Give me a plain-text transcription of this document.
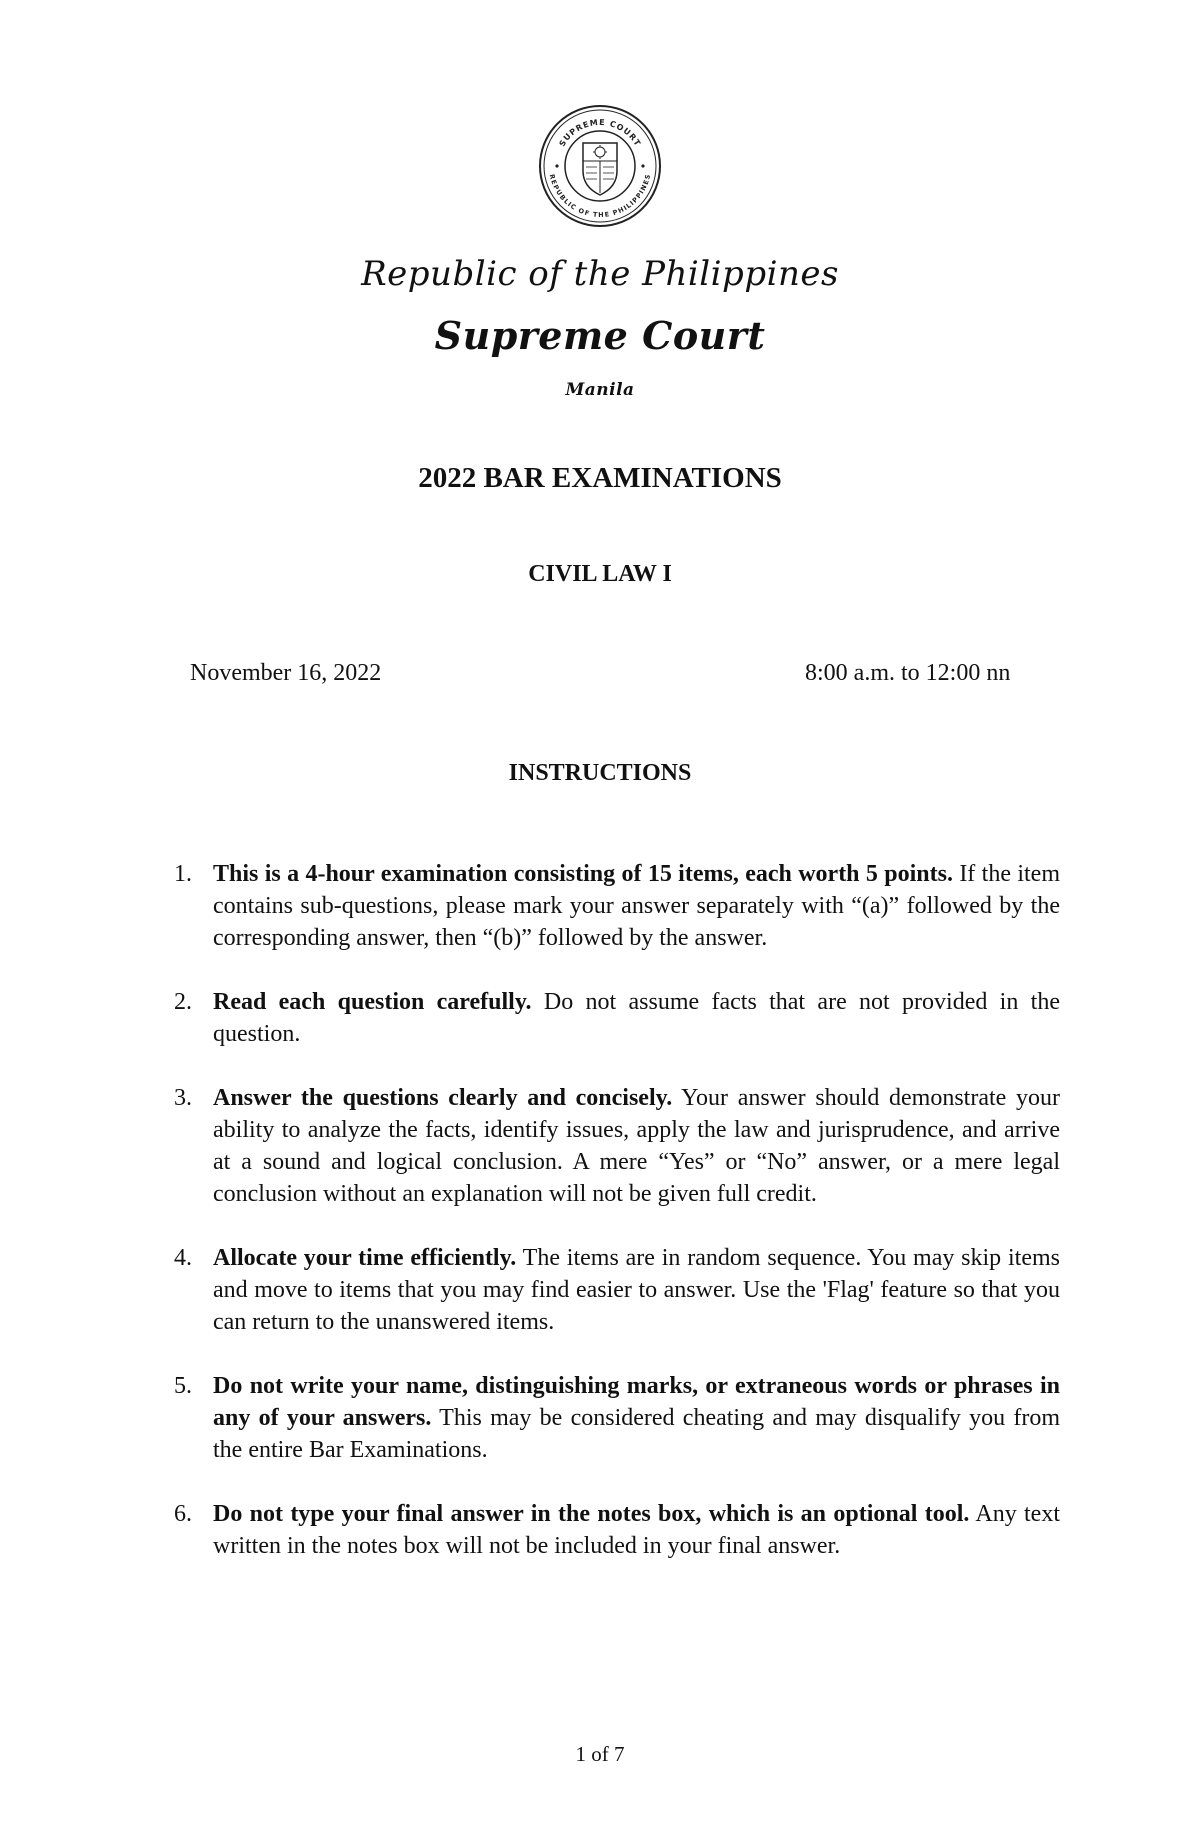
SUPREME COURT
REPUBLIC OF THE PHILIPPINES
Republic of the Philippines
Supreme Court
Manila
2022 BAR EXAMINATIONS
CIVIL LAW I
November 16, 2022	8:00 a.m. to 12:00 nn
INSTRUCTIONS
1. This is a 4-hour examination consisting of 15 items, each worth 5 points. If the item contains sub-questions, please mark your answer separately with “(a)” followed by the corresponding answer, then “(b)” followed by the answer.
2. Read each question carefully. Do not assume facts that are not provided in the question.
3. Answer the questions clearly and concisely. Your answer should demonstrate your ability to analyze the facts, identify issues, apply the law and jurisprudence, and arrive at a sound and logical conclusion. A mere “Yes” or “No” answer, or a mere legal conclusion without an explanation will not be given full credit.
4. Allocate your time efficiently. The items are in random sequence. You may skip items and move to items that you may find easier to answer. Use the 'Flag' feature so that you can return to the unanswered items.
5. Do not write your name, distinguishing marks, or extraneous words or phrases in any of your answers. This may be considered cheating and may disqualify you from the entire Bar Examinations.
6. Do not type your final answer in the notes box, which is an optional tool. Any text written in the notes box will not be included in your final answer.
1 of 7
